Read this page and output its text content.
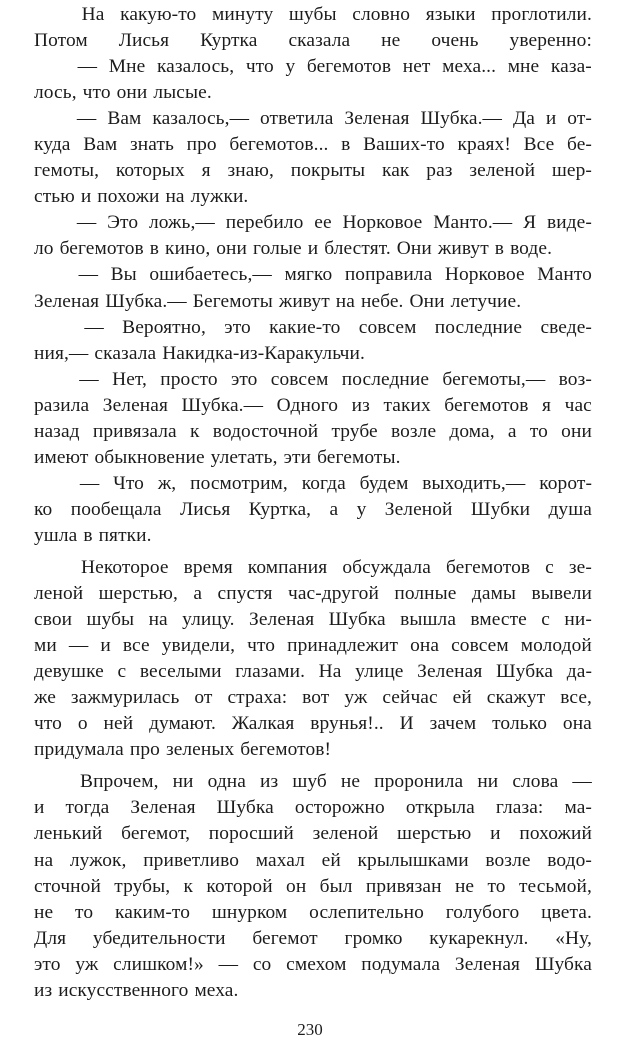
На какую-то минуту шубы словно языки проглотили.
Потом Лисья Куртка сказала не очень уверенно:
— Мне казалось, что у бегемотов нет меха... мне каза-
лось, что они лысые.
— Вам казалось,— ответила Зеленая Шубка.— Да и от-
куда Вам знать про бегемотов... в Ваших-то краях! Все бе-
гемоты, которых я знаю, покрыты как раз зеленой шер-
стью и похожи на лужки.
— Это ложь,— перебило ее Норковое Манто.— Я виде-
ло бегемотов в кино, они голые и блестят. Они живут в воде.
— Вы ошибаетесь,— мягко поправила Норковое Манто
Зеленая Шубка.— Бегемоты живут на небе. Они летучие.
— Вероятно, это какие-то совсем последние сведе-
ния,— сказала Накидка-из-Каракульчи.
— Нет, просто это совсем последние бегемоты,— воз-
разила Зеленая Шубка.— Одного из таких бегемотов я час
назад привязала к водосточной трубе возле дома, а то они
имеют обыкновение улетать, эти бегемоты.
— Что ж, посмотрим, когда будем выходить,— корот-
ко пообещала Лисья Куртка, а у Зеленой Шубки душа
ушла в пятки.
Некоторое время компания обсуждала бегемотов с зе-
леной шерстью, а спустя час-другой полные дамы вывели
свои шубы на улицу. Зеленая Шубка вышла вместе с ни-
ми — и все увидели, что принадлежит она совсем молодой
девушке с веселыми глазами. На улице Зеленая Шубка да-
же зажмурилась от страха: вот уж сейчас ей скажут все,
что о ней думают. Жалкая врунья!.. И зачем только она
придумала про зеленых бегемотов!
Впрочем, ни одна из шуб не проронила ни слова —
и тогда Зеленая Шубка осторожно открыла глаза: ма-
ленький бегемот, поросший зеленой шерстью и похожий
на лужок, приветливо махал ей крылышками возле водо-
сточной трубы, к которой он был привязан не то тесьмой,
не то каким-то шнурком ослепительно голубого цвета.
Для убедительности бегемот громко кукарекнул. «Ну,
это уж слишком!» — со смехом подумала Зеленая Шубка
из искусственного меха.
230
